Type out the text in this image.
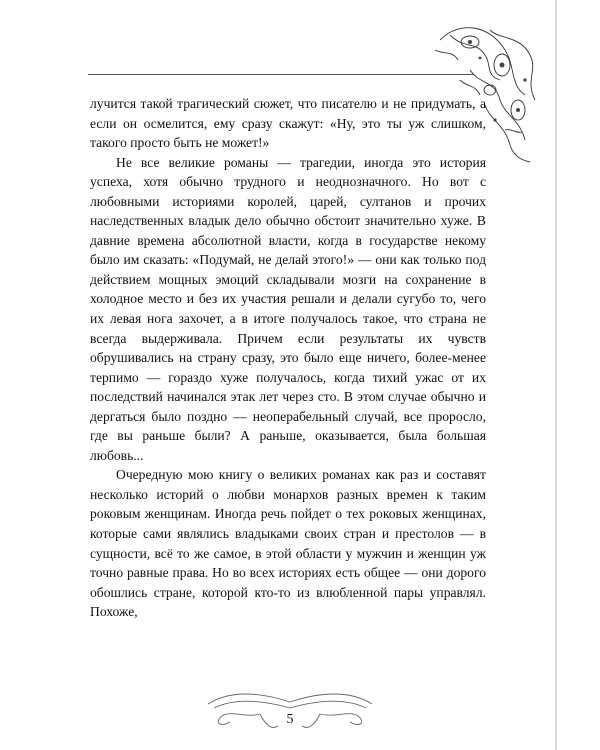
лучится такой трагический сюжет, что писателю и не придумать, а если он осмелится, ему сразу скажут: «Ну, это ты уж слишком, такого просто быть не может!»

Не все великие романы — трагедии, иногда это история успеха, хотя обычно трудного и неоднозначного. Но вот с любовными историями королей, царей, султанов и прочих наследственных владык дело обычно обстоит значительно хуже. В давние времена абсолютной власти, когда в государстве некому было им сказать: «Подумай, не делай этого!» — они как только под действием мощных эмоций складывали мозги на сохранение в холодное место и без их участия решали и делали сугубо то, чего их левая нога захочет, а в итоге получалось такое, что страна не всегда выдерживала. Причем если результаты их чувств обрушивались на страну сразу, это было еще ничего, более-менее терпимо — гораздо хуже получалось, когда тихий ужас от их последствий начинался этак лет через сто. В этом случае обычно и дергаться было поздно — неоперабельный случай, все проросло, где вы раньше были? А раньше, оказывается, была большая любовь...

Очередную мою книгу о великих романах как раз и составят несколько историй о любви монархов разных времен к таким роковым женщинам. Иногда речь пойдет о тех роковых женщинах, которые сами являлись владыками своих стран и престолов — в сущности, всё то же самое, в этой области у мужчин и женщин уж точно равные права. Но во всех историях есть общее — они дорого обошлись стране, которой кто-то из влюбленной пары управлял. Похоже,

5
